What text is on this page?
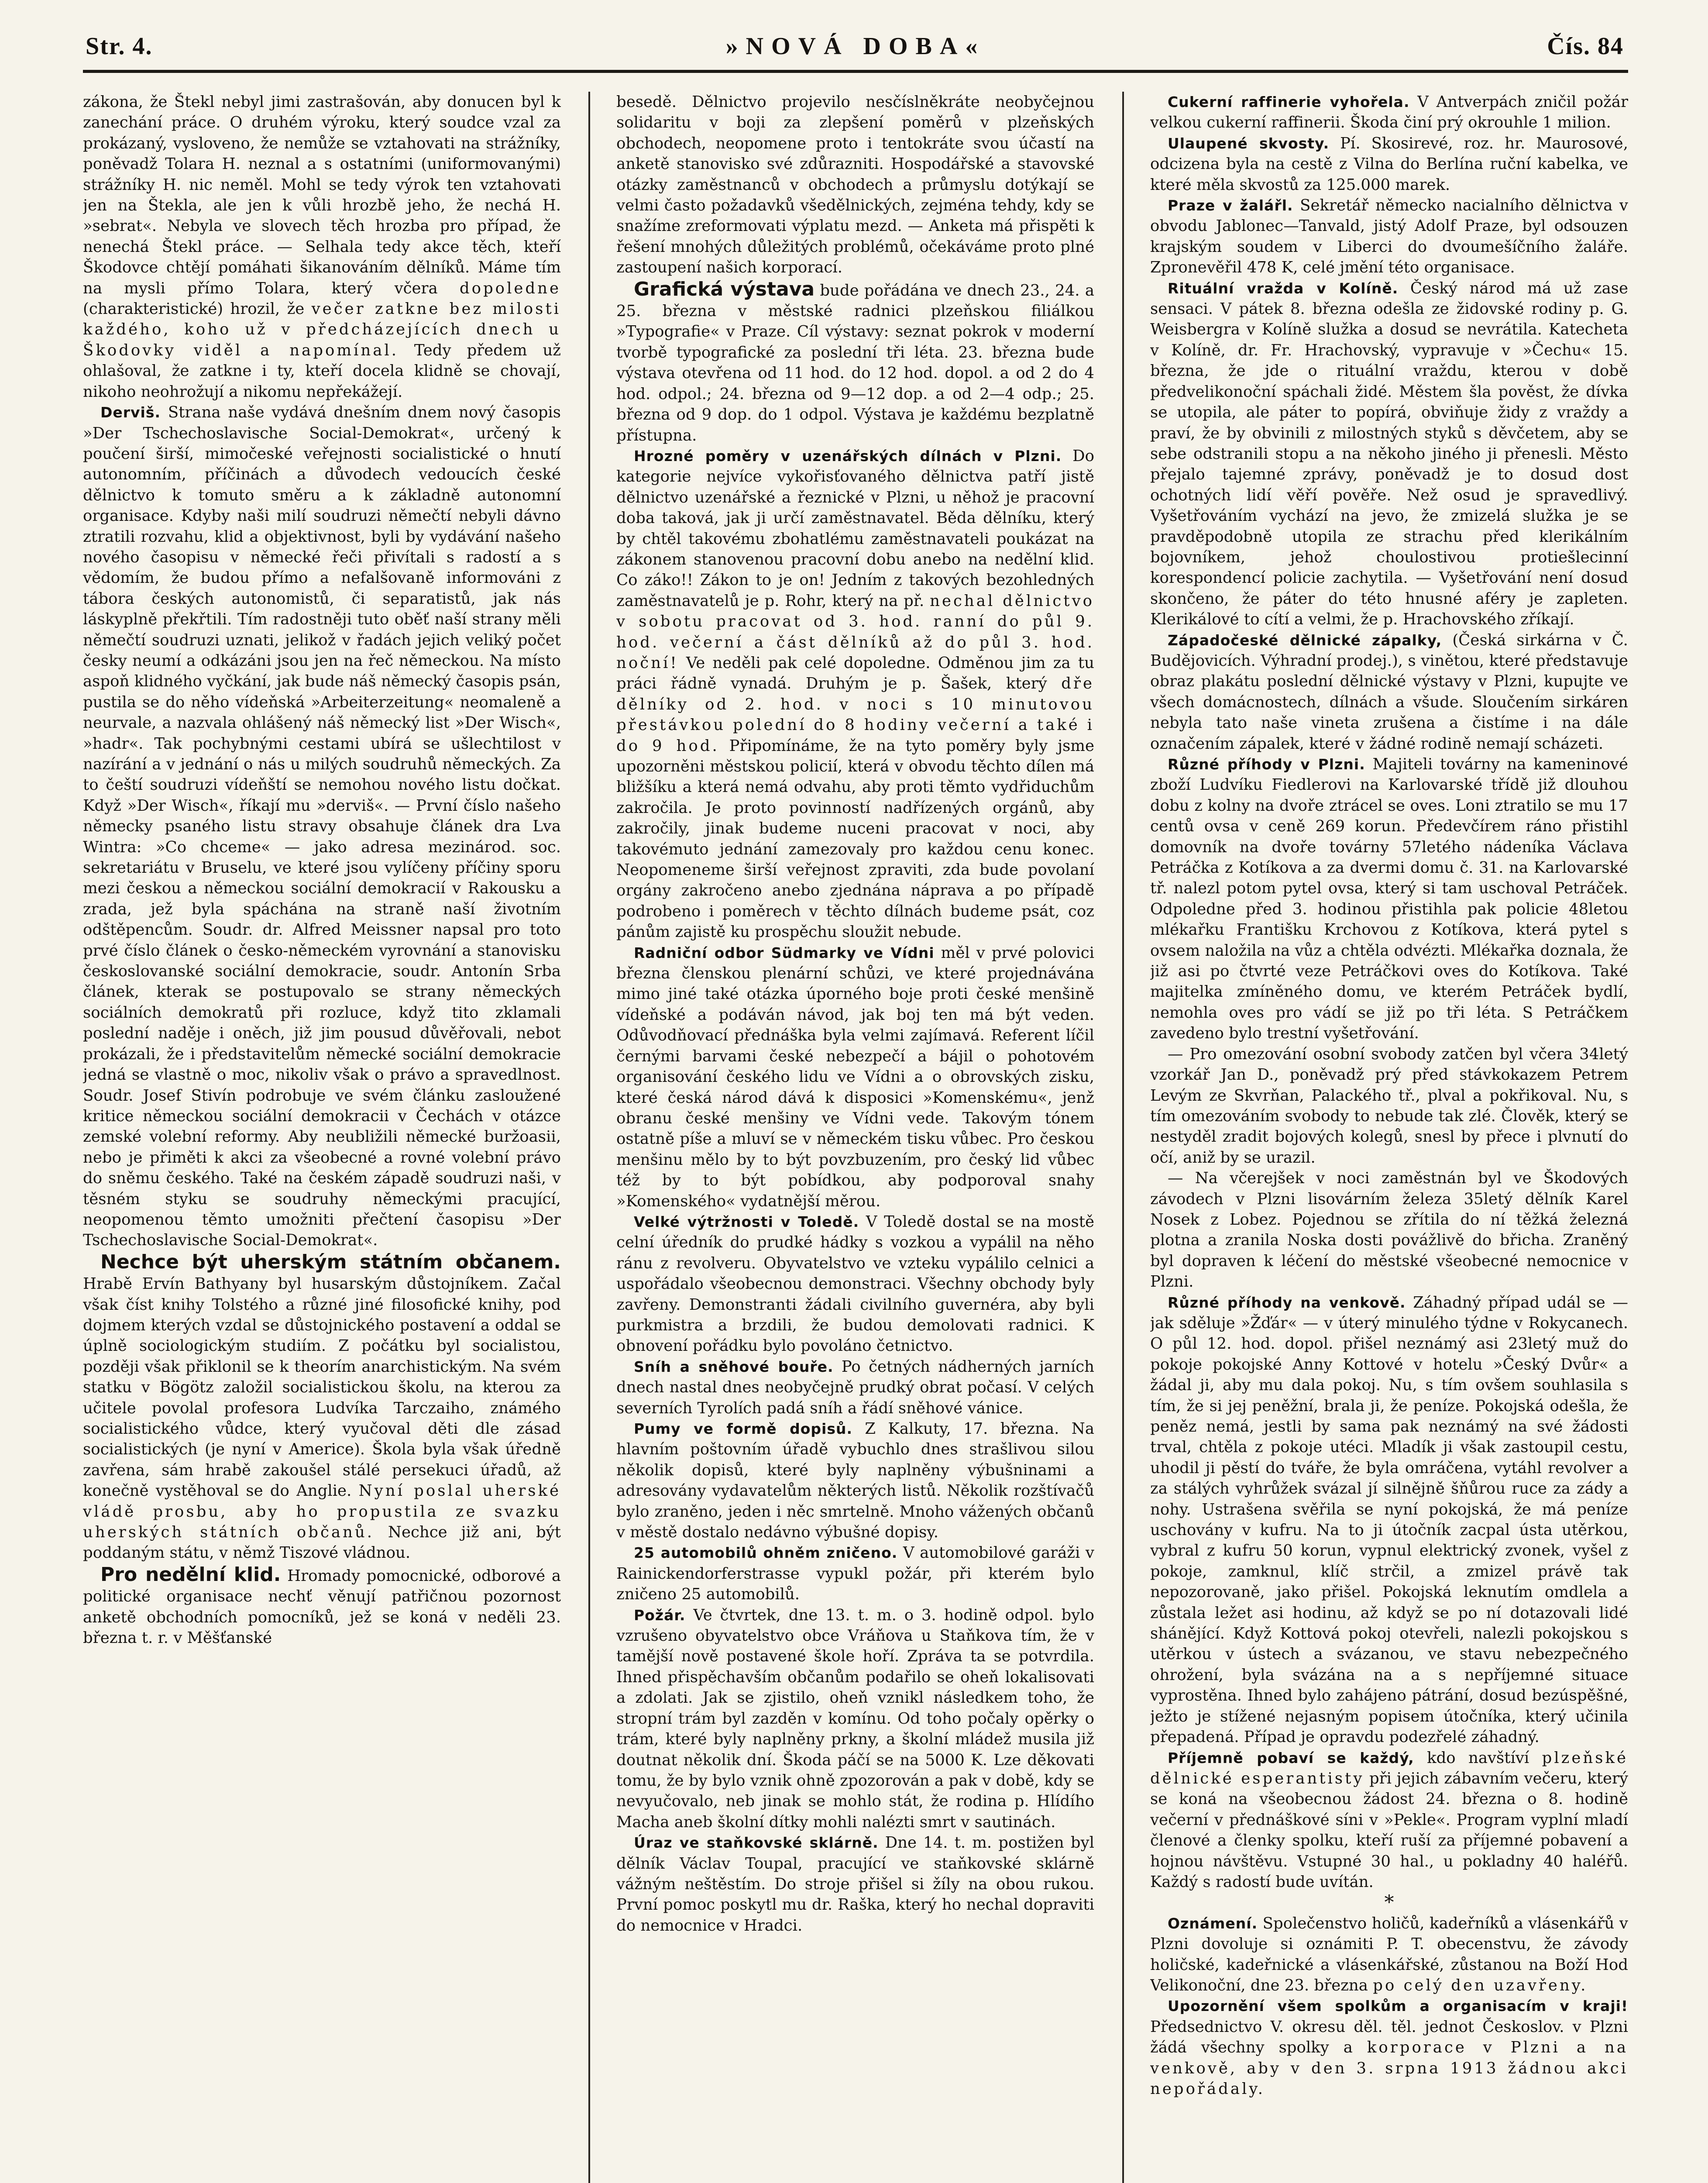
Str. 4.	»NOVÁ DOBA«	Čís. 84

zákona, že Štekl nebyl jimi zastrašován, aby donucen byl k zanechání práce. O druhém výroku, který soudce vzal za prokázaný, vysloveno, že nemůže se vztahovati na strážníky, poněvadž Tolara H. neznal a s ostatními (uniformovanými) strážníky H. nic neměl. Mohl se tedy výrok ten vztahovati jen na Štekla, ale jen k vůli hrozbě jeho, že nechá H. »sebrat«. Nebyla ve slovech těch hrozba pro případ, že nenechá Štekl práce. — Selhala tedy akce těch, kteří Škodovce chtějí pomáhati šikanováním dělníků. Máme tím na mysli přímo Tolara, který včera dopoledne (charakteristické) hrozil, že večer zatkne bez milosti každého, koho už v předcházejících dnech u Škodovky viděl a napomínal. Tedy předem už ohlašoval, že zatkne i ty, kteří docela klidně se chovají, nikoho neohrožují a nikomu nepřekážejí.

Derviš. Strana naše vydává dnešním dnem nový časopis »Der Tschechoslavische Social-Demokrat«, určený k poučení širší, mimočeské veřejnosti socialistické o hnutí autonomním, příčinách a důvodech vedoucích české dělnictvo k tomuto směru a k základně autonomní organisace. Kdyby naši milí soudruzi němečtí nebyli dávno ztratili rozvahu, klid a objektivnost, byli by vydávání našeho nového časopisu v německé řeči přivítali s radostí a s vědomím, že budou přímo a nefalšovaně informováni z tábora českých autonomistů, či separatistů, jak nás láskyplně překřtili. Tím radostněji tuto oběť naší strany měli němečtí soudruzi uznati, jelikož v řadách jejich veliký počet česky neumí a odkázáni jsou jen na řeč německou. Na místo aspoň klidného vyčkání, jak bude náš německý časopis psán, pustila se do něho vídeňská »Arbeiterzeitung« neomaleně a neurvale, a nazvala ohlášený náš německý list »Der Wisch«, »hadr«. Tak pochybnými cestami ubírá se ušlechtilost v nazírání a v jednání o nás u milých soudruhů německých. Za to čeští soudruzi vídeňští se nemohou nového listu dočkat. Když »Der Wisch«, říkají mu »derviš«. — První číslo našeho německy psaného listu stravy obsahuje článek dra Lva Wintra: »Co chceme« — jako adresa mezinárod. soc. sekretariátu v Bruselu, ve které jsou vylíčeny příčiny sporu mezi českou a německou sociální demokracií v Rakousku a zrada, jež byla spáchána na straně naší životním odštěpencům. Soudr. dr. Alfred Meissner napsal pro toto prvé číslo článek o česko-německém vyrovnání a stanovisku českoslovanské sociální demokracie, soudr. Antonín Srba článek, kterak se postupovalo se strany německých sociálních demokratů při rozluce, když tito zklamali poslední naděje i oněch, již jim pousud důvěřovali, nebot prokázali, že i představitelům německé sociální demokracie jedná se vlastně o moc, nikoliv však o právo a spravedlnost. Soudr. Josef Stivín podrobuje ve svém článku zasloužené kritice německou sociální demokracii v Čechách v otázce zemské volební reformy. Aby neubližili německé buržoasii, nebo je přiměti k akci za všeobecné a rovné volební právo do sněmu českého. Také na českém západě soudruzi naši, v těsném styku se soudruhy německými pracující, neopomenou těmto umožniti přečtení časopisu »Der Tschechoslavische Social-Demokrat«.

Nechce být uherským státním občanem. Hrabě Ervín Bathyany byl husarským důstojníkem. Začal však číst knihy Tolstého a různé jiné filosofické knihy, pod dojmem kterých vzdal se důstojnického postavení a oddal se úplně sociologickým studiím. Z počátku byl socialistou, později však přiklonil se k theorím anarchistickým. Na svém statku v Bögötz založil socialistickou školu, na kterou za učitele povolal profesora Ludvíka Tarczaiho, známého socialistického vůdce, který vyučoval děti dle zásad socialistických (je nyní v Americe). Škola byla však úředně zavřena, sám hrabě zakoušel stálé persekuci úřadů, až konečně vystěhoval se do Anglie. Nyní poslal uherské vládě prosbu, aby ho propustila ze svazku uherských státních občanů. Nechce již ani, být poddaným státu, v němž Tiszové vládnou.

Pro nedělní klid. Hromady pomocnické, odborové a politické organisace nechť věnují patřičnou pozornost anketě obchodních pomocníků, jež se koná v neděli 23. března t. r. v Měšťanské

besedě. Dělnictvo projevilo nesčíslněkráte neobyčejnou solidaritu v boji za zlepšení poměrů v plzeňských obchodech, neopomene proto i tentokráte svou účastí na anketě stanovisko své zdůrazniti. Hospodářské a stavovské otázky zaměstnanců v obchodech a průmyslu dotýkají se velmi často požadavků všedělnických, zejména tehdy, kdy se snažíme zreformovati výplatu mezd. — Anketa má přispěti k řešení mnohých důležitých problémů, očekáváme proto plné zastoupení našich korporací.

Grafická výstava bude pořádána ve dnech 23., 24. a 25. března v městské radnici plzeňskou filiálkou »Typografie« v Praze. Cíl výstavy: seznat pokrok v moderní tvorbě typografické za poslední tři léta. 23. března bude výstava otevřena od 11 hod. do 12 hod. dopol. a od 2 do 4 hod. odpol.; 24. března od 9—12 dop. a od 2—4 odp.; 25. března od 9 dop. do 1 odpol. Výstava je každému bezplatně přístupna.

Hrozné poměry v uzenářských dílnách v Plzni. Do kategorie nejvíce vykořisťovaného dělnictva patří jistě dělnictvo uzenářské a řeznické v Plzni, u něhož je pracovní doba taková, jak ji určí zaměstnavatel. Běda dělníku, který by chtěl takovému zbohatlému zaměstnavateli poukázat na zákonem stanovenou pracovní dobu anebo na nedělní klid. Co záko!! Zákon to je on! Jedním z takových bezohledných zaměstnavatelů je p. Rohr, který na př. nechal dělnictvo v sobotu pracovat od 3. hod. ranní do půl 9. hod. večerní a část dělníků až do půl 3. hod. noční! Ve neděli pak celé dopoledne. Odměnou jim za tu práci řádně vynadá. Druhým je p. Šašek, který dře dělníky od 2. hod. v noci s 10 minutovou přestávkou polední do 8 hodiny večerní a také i do 9 hod. Připomínáme, že na tyto poměry byly jsme upozorněni městskou policií, která v obvodu těchto dílen má bližšíku a která nemá odvahu, aby proti těmto vydřiduchům zakročila. Je proto povinností nadřízených orgánů, aby zakročily, jinak budeme nuceni pracovat v noci, aby takovémuto jednání zamezovaly pro každou cenu konec. Neopomeneme širší veřejnost zpraviti, zda bude povolaní orgány zakročeno anebo zjednána náprava a po případě podrobeno i poměrech v těchto dílnách budeme psát, coz pánům zajistě ku prospěchu sloužit nebude.

Radniční odbor Südmarky ve Vídni měl v prvé polovici března členskou plenární schůzi, ve které projednávána mimo jiné také otázka úporného boje proti české menšině vídeňské a podáván návod, jak boj ten má být veden. Odůvodňovací přednáška byla velmi zajímavá. Referent líčil černými barvami české nebezpečí a bájil o pohotovém organisování českého lidu ve Vídni a o obrovských zisku, které česká národ dává k disposici »Komenskému«, jenž obranu české menšiny ve Vídni vede. Takovým tónem ostatně píše a mluví se v německém tisku vůbec. Pro českou menšinu mělo by to být povzbuzením, pro český lid vůbec též by to být pobídkou, aby podporoval snahy »Komenského« vydatnější měrou.

Velké výtržnosti v Toledě. V Toledě dostal se na mostě celní úředník do prudké hádky s vozkou a vypálil na něho ránu z revolveru. Obyvatelstvo ve vzteku vypálilo celnici a uspořádalo všeobecnou demonstraci. Všechny obchody byly zavřeny. Demonstranti žádali civilního guvernéra, aby byli purkmistra a brzdili, že budou demolovati radnici. K obnovení pořádku bylo povoláno četnictvo.

Sníh a sněhové bouře. Po četných nádherných jarních dnech nastal dnes neobyčejně prudký obrat počasí. V celých severních Tyrolích padá sníh a řádí sněhové vánice.

Pumy ve formě dopisů. Z Kalkuty, 17. března. Na hlavním poštovním úřadě vybuchlo dnes strašlivou silou několik dopisů, které byly naplněny výbušninami a adresovány vydavatelům některých listů. Několik rozštívačů bylo zraněno, jeden i něc smrtelně. Mnoho vážených občanů v městě dostalo nedávno výbušné dopisy.

25 automobilů ohněm zničeno. V automobilové garáži v Rainickendorferstrasse vypukl požár, při kterém bylo zničeno 25 automobilů.

Požár. Ve čtvrtek, dne 13. t. m. o 3. hodině odpol. bylo vzrušeno obyvatelstvo obce Vráňova u Staňkova tím, že v tamější nově postavené škole hoří. Zpráva ta se potvrdila. Ihned přispěchavším občanům podařilo se oheň lokalisovati a zdolati. Jak se zjistilo, oheň vznikl následkem toho, že stropní trám byl zazděn v komínu. Od toho počaly opěrky o trám, které byly naplněny prkny, a školní mládež musila již doutnat několik dní. Škoda páčí se na 5000 K. Lze děkovati tomu, že by bylo vznik ohně zpozorován a pak v době, kdy se nevyučovalo, neb jinak se mohlo stát, že rodina p. Hlídího Macha aneb školní dítky mohli nalézti smrt v sautinách.

Úraz ve staňkovské sklárně. Dne 14. t. m. postižen byl dělník Václav Toupal, pracující ve staňkovské sklárně vážným neštěstím. Do stroje přišel si žíly na obou rukou. První pomoc poskytl mu dr. Raška, který ho nechal dopraviti do nemocnice v Hradci.

Cukerní raffinerie vyhořela. V Antverpách zničil požár velkou cukerní raffinerii. Škoda činí prý okrouhle 1 milion.

Ulaupené skvosty. Pí. Skosirevé, roz. hr. Maurosové, odcizena byla na cestě z Vilna do Berlína ruční kabelka, ve které měla skvostů za 125.000 marek.

Praze v žalářl. Sekretář německo nacialního dělnictva v obvodu Jablonec—Tanvald, jistý Adolf Praze, byl odsouzen krajským soudem v Liberci do dvoumešíčního žaláře. Zpronevěřil 478 K, celé jmění této organisace.

Rituální vražda v Kolíně. Český národ má už zase sensaci. V pátek 8. března odešla ze židovské rodiny p. G. Weisbergra v Kolíně služka a dosud se nevrátila. Katecheta v Kolíně, dr. Fr. Hrachovský, vypravuje v »Čechu« 15. března, že jde o rituální vraždu, kterou v době předvelikonoční spáchali židé. Městem šla pověst, že dívka se utopila, ale páter to popírá, obviňuje židy z vraždy a praví, že by obvinili z milostných styků s děvčetem, aby se sebe odstranili stopu a na někoho jiného ji přenesli. Město přejalo tajemné zprávy, poněvadž je to dosud dost ochotných lidí věří pověře. Než osud je spravedlivý. Vyšetřováním vychází na jevo, že zmizelá služka je se pravděpodobně utopila ze strachu před klerikálním bojovníkem, jehož choulostivou protiešlecinní korespondencí policie zachytila. — Vyšetřování není dosud skončeno, že páter do této hnusné aféry je zapleten. Klerikálové to cítí a velmi, že p. Hrachovského zříkají.

Západočeské dělnické zápalky, (Česká sirkárna v Č. Budějovicích. Výhradní prodej.), s vinětou, které představuje obraz plakátu poslední dělnické výstavy v Plzni, kupujte ve všech domácnostech, dílnách a všude. Sloučením sirkáren nebyla tato naše vineta zrušena a čistíme i na dále označením zápalek, které v žádné rodině nemají scházeti.

Různé příhody v Plzni. Majiteli továrny na kameninové zboží Ludvíku Fiedlerovi na Karlovarské třídě již dlouhou dobu z kolny na dvoře ztrácel se oves. Loni ztratilo se mu 17 centů ovsa v ceně 269 korun. Předevčírem ráno přistihl domovník na dvoře továrny 57letého nádeníka Václava Petráčka z Kotíkova a za dvermi domu č. 31. na Karlovarské tř. nalezl potom pytel ovsa, který si tam uschoval Petráček. Odpoledne před 3. hodinou přistihla pak policie 48letou mlékařku Františku Krchovou z Kotíkova, která pytel s ovsem naložila na vůz a chtěla odvézti. Mlékařka doznala, že již asi po čtvrté veze Petráčkovi oves do Kotíkova. Také majitelka zmíněného domu, ve kterém Petráček bydlí, nemohla oves pro vádí se již po tři léta. S Petráčkem zavedeno bylo trestní vyšetřování.

— Pro omezování osobní svobody zatčen byl včera 34letý vzorkář Jan D., poněvadž prý před stávkokazem Petrem Levým ze Skvrňan, Palackého tř., plval a pokřikoval. Nu, s tím omezováním svobody to nebude tak zlé. Člověk, který se nestyděl zradit bojových kolegů, snesl by přece i plvnutí do očí, aniž by se urazil.

— Na včerejšek v noci zaměstnán byl ve Škodových závodech v Plzni lisovárním železa 35letý dělník Karel Nosek z Lobez. Pojednou se zřítila do ní těžká železná plotna a zranila Noska dosti povážlivě do břicha. Zraněný byl dopraven k léčení do městské všeobecné nemocnice v Plzni.

Různé příhody na venkově. Záhadný případ udál se — jak sděluje »Žďár« — v úterý minulého týdne v Rokycanech. O půl 12. hod. dopol. přišel neznámý asi 23letý muž do pokoje pokojské Anny Kottové v hotelu »Český Dvůr« a žádal ji, aby mu dala pokoj. Nu, s tím ovšem souhlasila s tím, že si jej peněžní, brala ji, že peníze. Pokojská odešla, že peněz nemá, jestli by sama pak neznámý na své žádosti trval, chtěla z pokoje utéci. Mladík ji však zastoupil cestu, uhodil ji pěstí do tváře, že byla omráčena, vytáhl revolver a za stálých vyhrůžek svázal jí silnějně šňůrou ruce za zády a nohy. Ustrašena svěřila se nyní pokojská, že má peníze uschovány v kufru. Na to ji útočník zacpal ústa utěrkou, vybral z kufru 50 korun, vypnul elektrický zvonek, vyšel z pokoje, zamknul, klíč strčil, a zmizel právě tak nepozorovaně, jako přišel. Pokojská leknutím omdlela a zůstala ležet asi hodinu, až když se po ní dotazovali lidé shánějící. Když Kottová pokoj otevřeli, nalezli pokojskou s utěrkou v ústech a svázanou, ve stavu nebezpečného ohrožení, byla svázána na a s nepříjemné situace vyprostěna. Ihned bylo zahájeno pátrání, dosud bezúspěšné, ježto je stížené nejasným popisem útočníka, který učinila přepadená. Případ je opravdu podezřelé záhadný.

Příjemně pobaví se každý, kdo navštíví plzeňské dělnické esperantisty při jejich zábavním večeru, který se koná na všeobecnou žádost 24. března o 8. hodině večerní v přednáškové síni v »Pekle«. Program vyplní mladí členové a členky spolku, kteří ruší za příjemné pobavení a hojnou návštěvu. Vstupné 30 hal., u pokladny 40 haléřů. Každý s radostí bude uvítán.

*

Oznámení. Společenstvo holičů, kadeřníků a vlásenkářů v Plzni dovoluje si oznámiti P. T. obecenstvu, že závody holičské, kadeřnické a vlásenkářské, zůstanou na Boží Hod Velikonoční, dne 23. března po celý den uzavřeny.

Upozornění všem spolkům a organisacím v kraji! Předsednictvo V. okresu děl. těl. jednot Českoslov. v Plzni žádá všechny spolky a korporace v Plzni a na venkově, aby v den 3. srpna 1913 žádnou akci nepořádaly.
